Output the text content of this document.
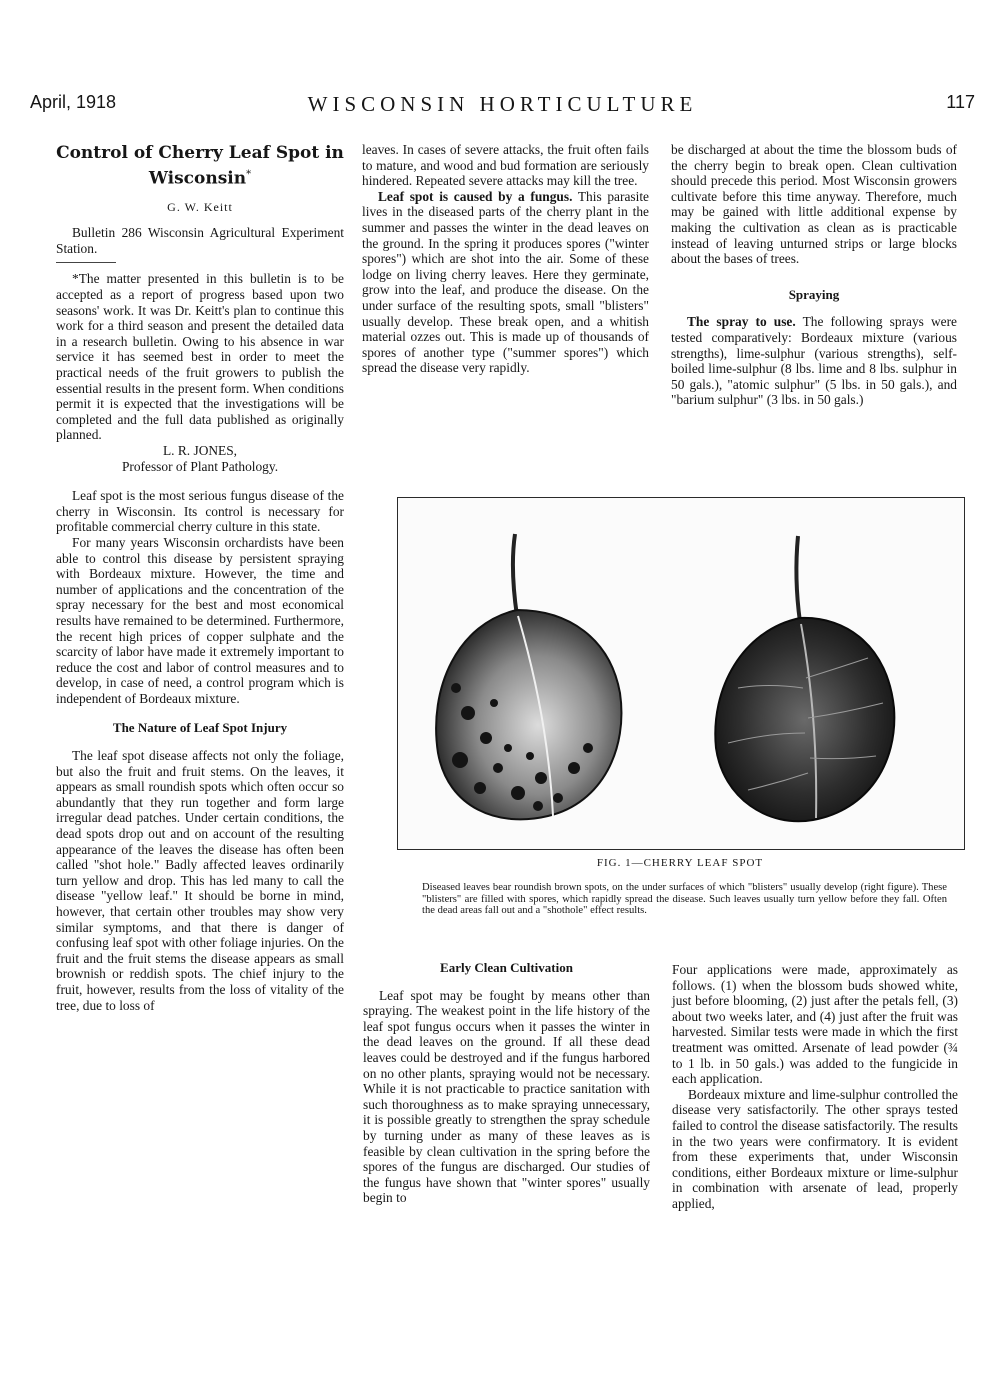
April, 1918	WISCONSIN HORTICULTURE	117
Control of Cherry Leaf Spot in Wisconsin*
G. W. Keitt

Bulletin 286 Wisconsin Agricultural Experiment Station.

*The matter presented in this bulletin is to be accepted as a report of progress based upon two seasons' work. It was Dr. Keitt's plan to continue this work for a third season and present the detailed data in a research bulletin. Owing to his absence in war service it has seemed best in order to meet the practical needs of the fruit growers to publish the essential results in the present form. When conditions permit it is expected that the investigations will be completed and the full data published as originally planned.

L. R. JONES,

Professor of Plant Pathology.

Leaf spot is the most serious fungus disease of the cherry in Wisconsin. Its control is necessary for profitable commercial cherry culture in this state.

For many years Wisconsin orchardists have been able to control this disease by persistent spraying with Bordeaux mixture. However, the time and number of applications and the concentration of the spray necessary for the best and most economical results have remained to be determined. Furthermore, the recent high prices of copper sulphate and the scarcity of labor have made it extremely important to reduce the cost and labor of control measures and to develop, in case of need, a control program which is independent of Bordeaux mixture.

The Nature of Leaf Spot Injury

The leaf spot disease affects not only the foliage, but also the fruit and fruit stems. On the leaves, it appears as small roundish spots which often occur so abundantly that they run together and form large irregular dead patches. Under certain conditions, the dead spots drop out and on account of the resulting appearance of the leaves the disease has often been called "shot hole." Badly affected leaves ordinarily turn yellow and drop. This has led many to call the disease "yellow leaf." It should be borne in mind, however, that certain other troubles may show very similar symptoms, and that there is danger of confusing leaf spot with other foliage injuries. On the fruit and the fruit stems the disease appears as small brownish or reddish spots. The chief injury to the fruit, however, results from the loss of vitality of the tree, due to loss of

leaves. In cases of severe attacks, the fruit often fails to mature, and wood and bud formation are seriously hindered. Repeated severe attacks may kill the tree.

Leaf spot is caused by a fungus. This parasite lives in the diseased parts of the cherry plant in the summer and passes the winter in the dead leaves on the ground. In the spring it produces spores ("winter spores") which are shot into the air. Some of these lodge on living cherry leaves. Here they germinate, grow into the leaf, and produce the disease. On the under surface of the resulting spots, small "blisters" usually develop. These break open, and a whitish material ozzes out. This is made up of thousands of spores of another type ("summer spores") which spread the disease very rapidly.

be discharged at about the time the blossom buds of the cherry begin to break open. Clean cultivation should precede this period. Most Wisconsin growers cultivate before this time anyway. Therefore, much may be gained with little additional expense by making the cultivation as clean as is practicable instead of leaving unturned strips or large blocks about the bases of trees.

Spraying

The spray to use. The following sprays were tested comparatively: Bordeaux mixture (various strengths), lime-sulphur (various strengths), self-boiled lime-sulphur (8 lbs. lime and 8 lbs. sulphur in 50 gals.), "atomic sulphur" (5 lbs. in 50 gals.), and "barium sulphur" (3 lbs. in 50 gals.)

FIG. 1—CHERRY LEAF SPOT
Diseased leaves bear roundish brown spots, on the under surfaces of which "blisters" usually develop (right figure). These "blisters" are filled with spores, which rapidly spread the disease. Such leaves usually turn yellow before they fall. Often the dead areas fall out and a "shothole" effect results.

Early Clean Cultivation

Leaf spot may be fought by means other than spraying. The weakest point in the life history of the leaf spot fungus occurs when it passes the winter in the dead leaves on the ground. If all these dead leaves could be destroyed and if the fungus harbored on no other plants, spraying would not be necessary. While it is not practicable to practice sanitation with such thoroughness as to make spraying unnecessary, it is possible greatly to strengthen the spray schedule by turning under as many of these leaves as is feasible by clean cultivation in the spring before the spores of the fungus are discharged. Our studies of the fungus have shown that "winter spores" usually begin to

Four applications were made, approximately as follows. (1) when the blossom buds showed white, just before blooming, (2) just after the petals fell, (3) about two weeks later, and (4) just after the fruit was harvested. Similar tests were made in which the first treatment was omitted. Arsenate of lead powder (¾ to 1 lb. in 50 gals.) was added to the fungicide in each application.

Bordeaux mixture and lime-sulphur controlled the disease very satisfactorily. The other sprays tested failed to control the disease satisfactorily. The results in the two years were confirmatory. It is evident from these experiments that, under Wisconsin conditions, either Bordeaux mixture or lime-sulphur in combination with arsenate of lead, properly applied,
